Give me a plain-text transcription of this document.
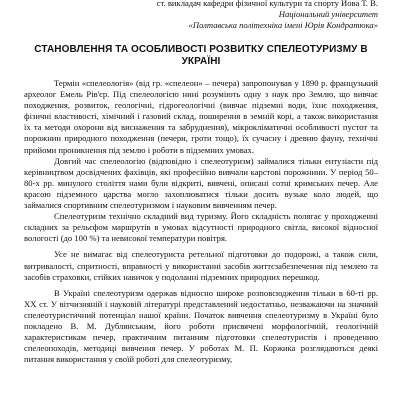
ст. викладач кафедри фізичної культури та спорту Йова Т. В.
Національний університет
«Полтавська політехніка імені Юрія Кондратюка»
СТАНОВЛЕННЯ ТА ОСОБЛИВОСТІ РОЗВИТКУ СПЕЛЕОТУРИЗМУ В УКРАЇНІ

Термін «спелеологія» (від гр. «спелеон» – печера) запропонував у 1890 р. французький археолог Емель Рів'єр. Під спелеологією нині розуміють одну з наук про Землю, що вивчає походження, розвиток, геологічні, гідрогеологічні (вивчає підземні води, їхнє походження, фізичні властивості, хімічний і газовий склад, поширення в земній корі, а також використання їх та методи охорони від виснаження та забруднення), мікрокліматичні особливості пустот та порожнин природного походження (печери, гроти тощо), їх сучасну і древню фауну, технічні прийоми проникнення під землю і роботи в підземних умовах.

Довгий час спелеологію (відповідно і спелеотуризм) займалися тільки ентузіасти під керівництвом досвідчених фахівців, які професійно вивчали карстові порожнини. У період 50–80-х рр. минулого століття нами були відкриті, вивчені, описані сотні кримських печер. Але красою підземного царства могло захоплюватися тільки досить вузьке коло людей, що займалися спортивним спелеотуризмом і науковим вивченням печер.

Спелеотуризм технічно складний вид туризму. Його складність полягає у проходженні складних за рельєфом маршрутів в умовах відсутності природного світла, високої відносної вологості (до 100 %) та невисокої температури повітря.

Усе не вимагає від спелеотуриста ретельної підготовки до подорожі, а також сили, витривалості, спритності, вправності у використанні засобів життєзабезпечення під землею та засобів страховки, стійких навичок у подоланні підземних природних перешкод.

В Україні спелеотуризм одержав відносно широке розповсюдження тільки в 60-ті рр. ХХ ст. У вітчизняній і науковій літературі представлений недостатньо, незважаючи на значний спелеотуристичний потенціал нашої країни. Початок вивчення спелеотуризму в Україні було покладено В. М. Дублянським, його роботи присвячені морфологічній, геологічній характеристикам печер, практичним питанням підготовки спелеотуристів і проведенню спелеопоходів, методиці вивчення печер. У роботах М. П. Коржика розглядаються деякі питання використання у своїй роботі для спелеотуризму,
